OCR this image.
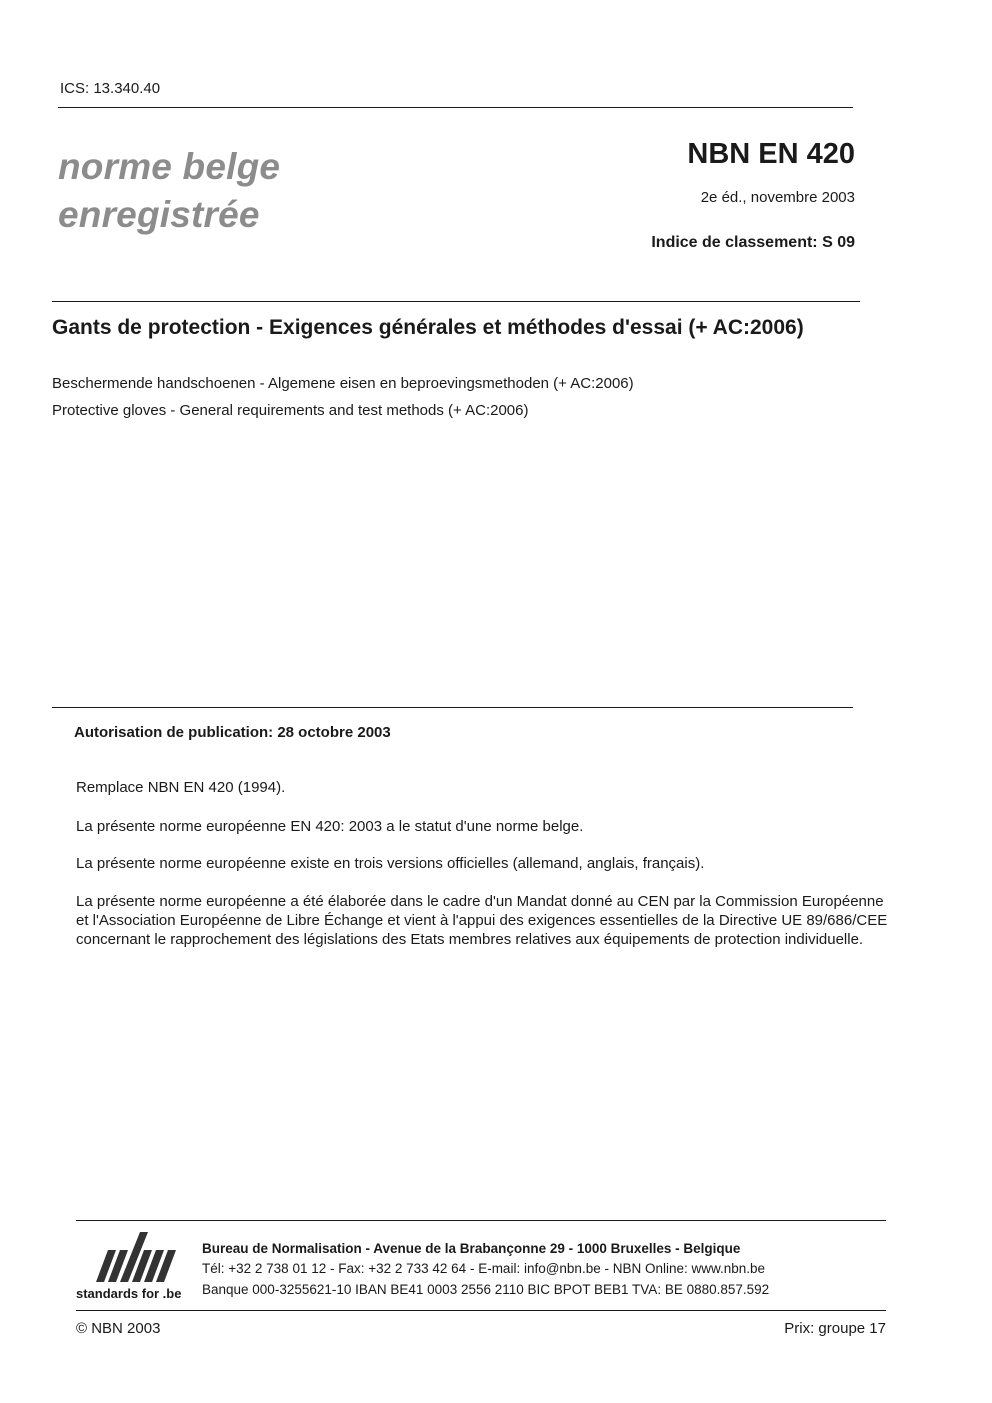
ICS: 13.340.40
norme belge
enregistrée
NBN EN 420
2e éd., novembre 2003
Indice de classement: S 09
Gants de protection - Exigences générales et méthodes d'essai (+ AC:2006)
Beschermende handschoenen - Algemene eisen en beproevingsmethoden (+ AC:2006)
Protective gloves - General requirements and test methods (+ AC:2006)
Autorisation de publication: 28 octobre 2003
Remplace NBN EN 420 (1994).
La présente norme européenne EN 420: 2003 a le statut d'une norme belge.
La présente norme européenne existe en trois versions officielles (allemand, anglais, français).
La présente norme européenne a été élaborée dans le cadre d'un Mandat donné au CEN par la Commission Européenne et l'Association Européenne de Libre Échange et vient à l'appui des exigences essentielles de la Directive UE 89/686/CEE concernant le rapprochement des législations des Etats membres relatives aux équipements de protection individuelle.
standards for .be
Bureau de Normalisation - Avenue de la Brabançonne 29 - 1000 Bruxelles - Belgique
Tél: +32 2 738 01 12 - Fax: +32 2 733 42 64 - E-mail: info@nbn.be - NBN Online: www.nbn.be
Banque 000-3255621-10 IBAN BE41 0003 2556 2110 BIC BPOT BEB1 TVA: BE 0880.857.592
© NBN 2003	Prix: groupe 17
